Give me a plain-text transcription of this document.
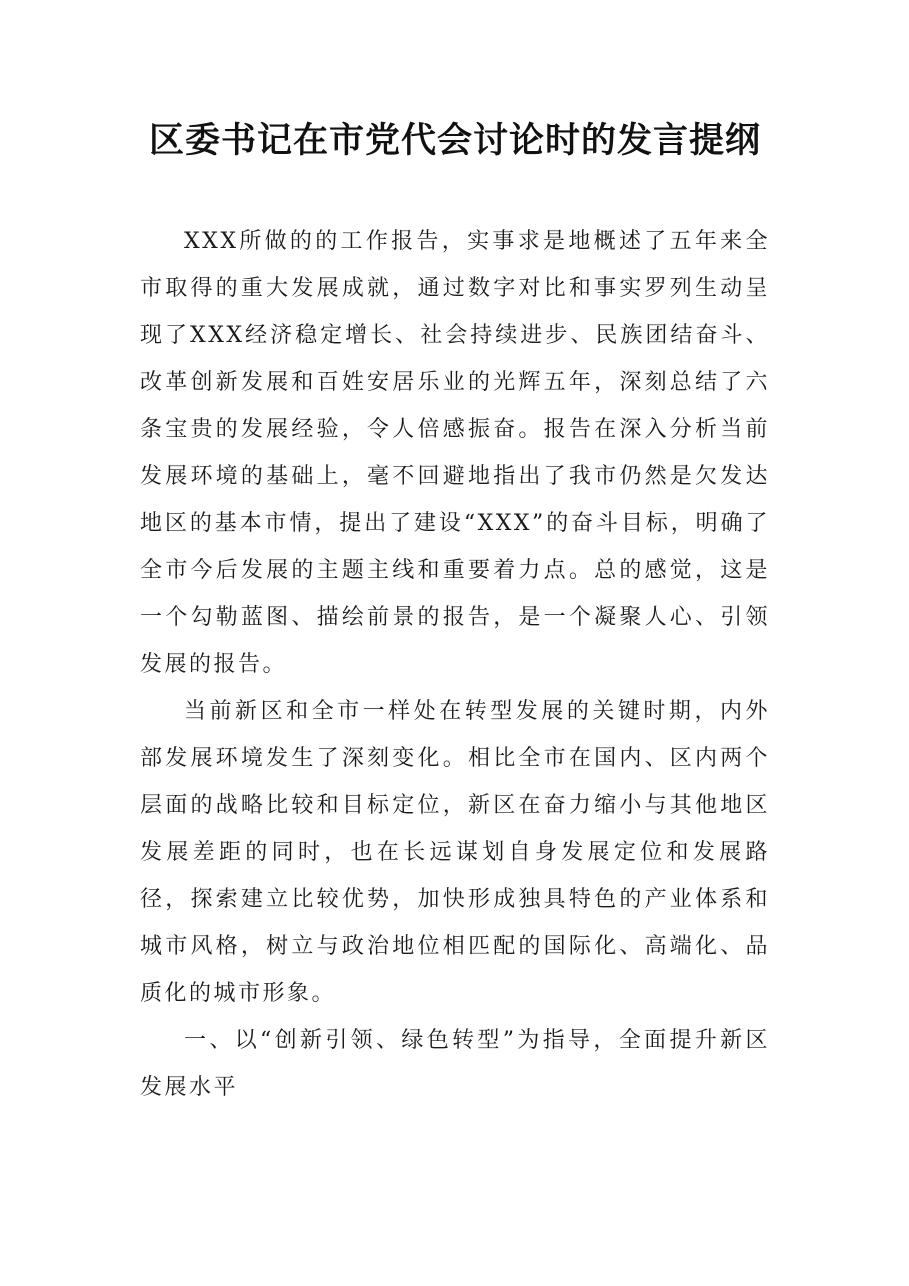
区委书记在市党代会讨论时的发言提纲

XXX所做的的工作报告，实事求是地概述了五年来全市取得的重大发展成就，通过数字对比和事实罗列生动呈现了XXX经济稳定增长、社会持续进步、民族团结奋斗、改革创新发展和百姓安居乐业的光辉五年，深刻总结了六条宝贵的发展经验，令人倍感振奋。报告在深入分析当前发展环境的基础上，毫不回避地指出了我市仍然是欠发达地区的基本市情，提出了建设“XXX”的奋斗目标，明确了全市今后发展的主题主线和重要着力点。总的感觉，这是一个勾勒蓝图、描绘前景的报告，是一个凝聚人心、引领发展的报告。

当前新区和全市一样处在转型发展的关键时期，内外部发展环境发生了深刻变化。相比全市在国内、区内两个层面的战略比较和目标定位，新区在奋力缩小与其他地区发展差距的同时，也在长远谋划自身发展定位和发展路径，探索建立比较优势，加快形成独具特色的产业体系和城市风格，树立与政治地位相匹配的国际化、高端化、品质化的城市形象。

一、以“创新引领、绿色转型”为指导，全面提升新区发展水平
